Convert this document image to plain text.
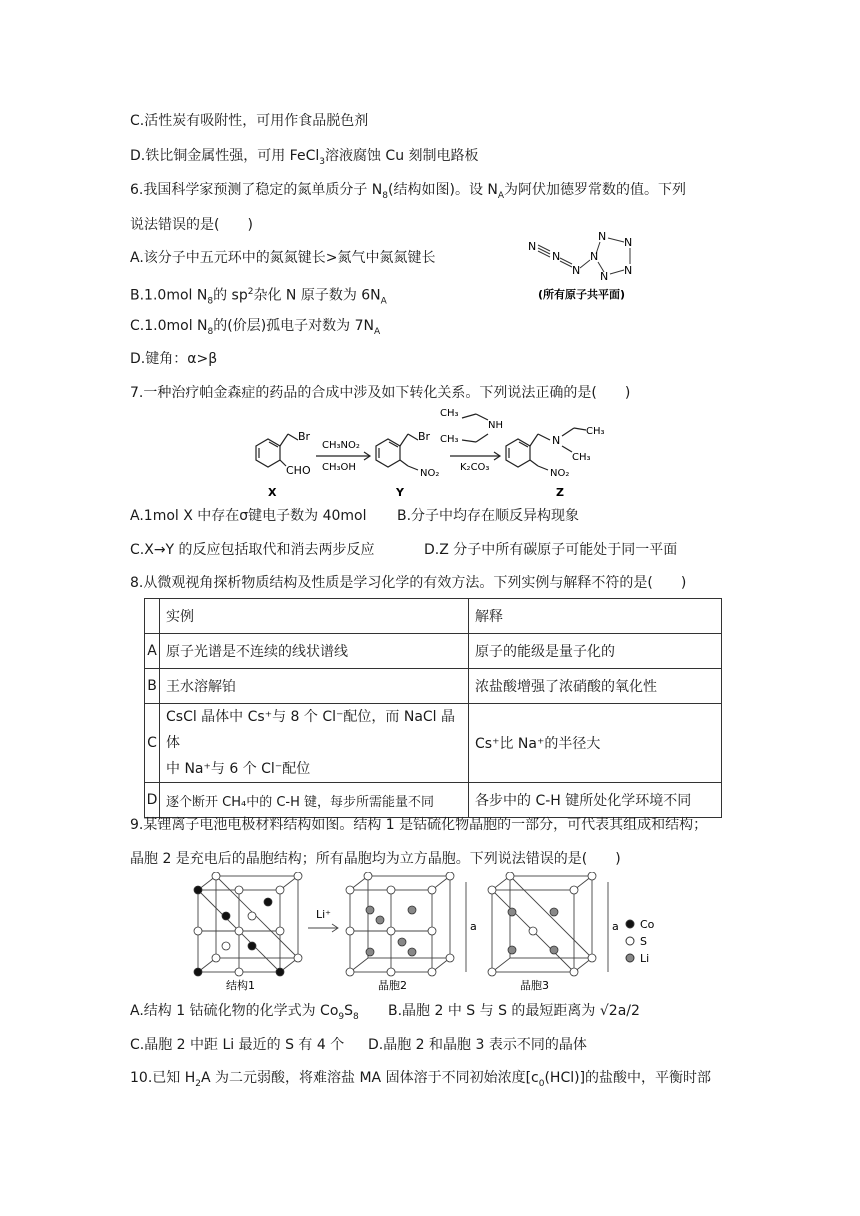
C.活性炭有吸附性，可用作食品脱色剂
D.铁比铜金属性强，可用 FeCl$_3$溶液腐蚀 Cu 刻制电路板
6.我国科学家预测了稳定的氮单质分子 $N_8$(结构如图)。设 $N_A$为阿伏加德罗常数的值。下列
说法错误的是(　　)
A.该分子中五元环中的氮氮键长>氮气中氮氮键长
B.1.0mol $N_8$的 $sp^2$杂化 N 原子数为 $6N_A$
C.1.0mol $N_8$的(价层)孤电子对数为 $7N_A$
D.键角：α>β
N
N
N
N
N N
N
N
(所有原子共平面)
7.一种治疗帕金森症的药品的合成中涉及如下转化关系。下列说法正确的是(　　)
Br
CHO
CH₃NO₂
CH₃OH
Br
NO₂
CH₃
NH
CH₃
K₂CO₃
N
CH₃
CH₃
NO₂
X	Y	Z
A.1mol X 中存在σ键电子数为 40mol B.分子中均存在顺反异构现象
C.X→Y 的反应包括取代和消去两步反应	D.Z 分子中所有碳原子可能处于同一平面
8.从微观视角探析物质结构及性质是学习化学的有效方法。下列实例与解释不符的是(　　)
	实例	解释
A	原子光谱是不连续的线状谱线	原子的能级是量子化的
B	王水溶解铂	浓盐酸增强了浓硝酸的氧化性
C	CsCl 晶体中 Cs⁺与 8 个 Cl⁻配位，而 NaCl 晶体
中 Na⁺与 6 个 Cl⁻配位	Cs⁺比 Na⁺的半径大
D	逐个断开 CH₄中的 C-H 键，每步所需能量不同	各步中的 C-H 键所处化学环境不同
9.某锂离子电池电极材料结构如图。结构 1 是钴硫化物晶胞的一部分，可代表其组成和结构；
晶胞 2 是充电后的晶胞结构；所有晶胞均为立方晶胞。下列说法错误的是(　　)
Co
S
Li
Li⁺
a	a
结构1	晶胞2	晶胞3
A.结构 1 钴硫化物的化学式为 $Co_9S_8$ B.晶胞 2 中 S 与 S 的最短距离为 √2a/2
C.晶胞 2 中距 Li 最近的 S 有 4 个 D.晶胞 2 和晶胞 3 表示不同的晶体
10.已知 $H_2A$ 为二元弱酸，将难溶盐 MA 固体溶于不同初始浓度$[c_0(HCl)]$的盐酸中，平衡时部
